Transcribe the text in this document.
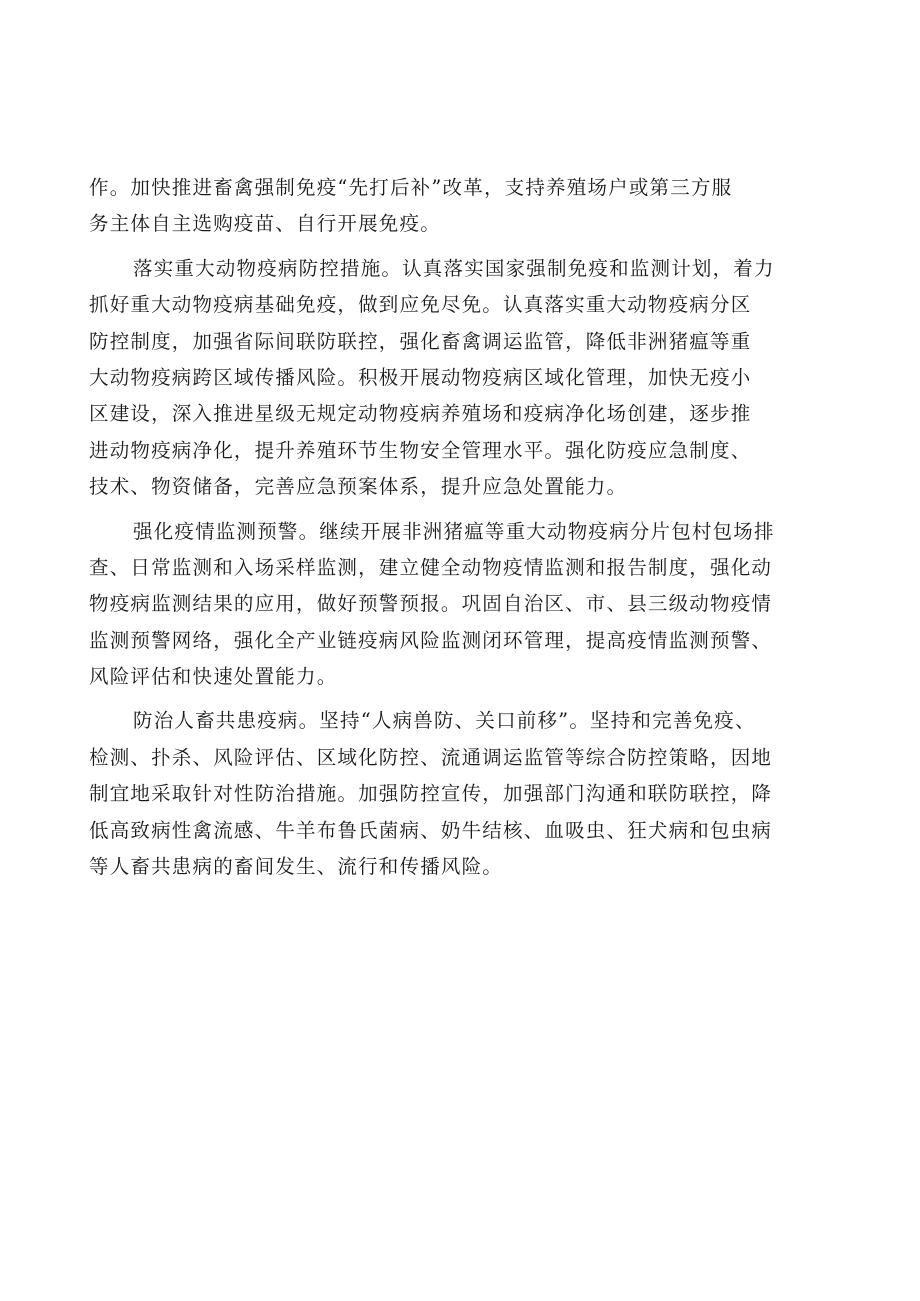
作。加快推进畜禽强制免疫“先打后补”改革，支持养殖场户或第三方服
务主体自主选购疫苗、自行开展免疫。
落实重大动物疫病防控措施。认真落实国家强制免疫和监测计划，着力
抓好重大动物疫病基础免疫，做到应免尽免。认真落实重大动物疫病分区
防控制度，加强省际间联防联控，强化畜禽调运监管，降低非洲猪瘟等重
大动物疫病跨区域传播风险。积极开展动物疫病区域化管理，加快无疫小
区建设，深入推进星级无规定动物疫病养殖场和疫病净化场创建，逐步推
进动物疫病净化，提升养殖环节生物安全管理水平。强化防疫应急制度、
技术、物资储备，完善应急预案体系，提升应急处置能力。
强化疫情监测预警。继续开展非洲猪瘟等重大动物疫病分片包村包场排
查、日常监测和入场采样监测，建立健全动物疫情监测和报告制度，强化动
物疫病监测结果的应用，做好预警预报。巩固自治区、市、县三级动物疫情
监测预警网络，强化全产业链疫病风险监测闭环管理，提高疫情监测预警、
风险评估和快速处置能力。
防治人畜共患疫病。坚持“人病兽防、关口前移”。坚持和完善免疫、
检测、扑杀、风险评估、区域化防控、流通调运监管等综合防控策略，因地
制宜地采取针对性防治措施。加强防控宣传，加强部门沟通和联防联控，降
低高致病性禽流感、牛羊布鲁氏菌病、奶牛结核、血吸虫、狂犬病和包虫病
等人畜共患病的畜间发生、流行和传播风险。
